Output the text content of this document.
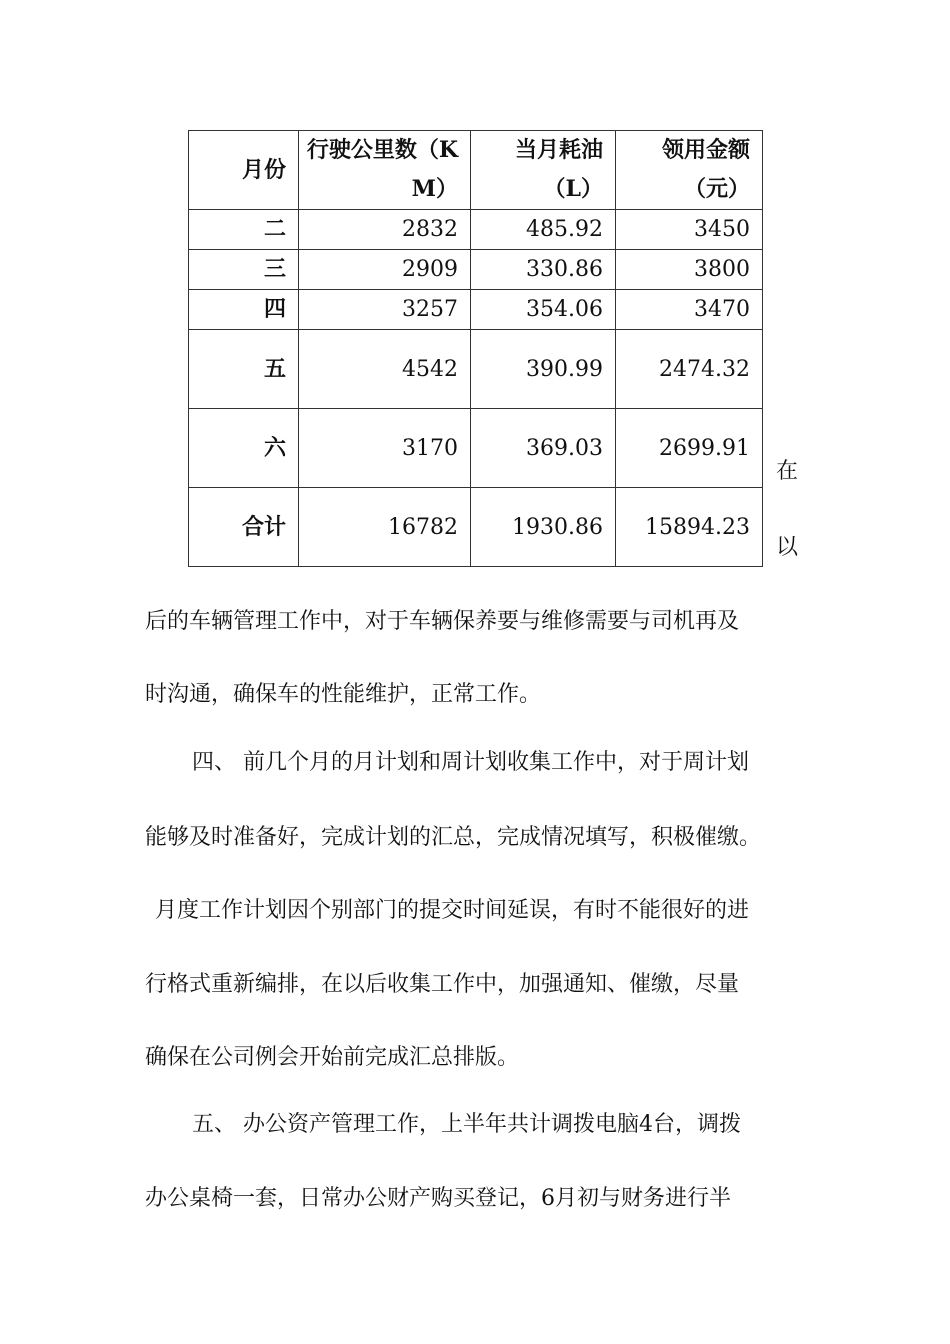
月份	行驶公里数（KM）	当月耗油（L）	领用金额（元）
二	2832	485.92	3450
三	2909	330.86	3800
四	3257	354.06	3470
五	4542	390.99	2474.32
六	3170	369.03	2699.91
合计	16782	1930.86	15894.23
在
以
后的车辆管理工作中，对于车辆保养要与维修需要与司机再及
时沟通，确保车的性能维护，正常工作。
四、 前几个月的月计划和周计划收集工作中，对于周计划
能够及时准备好，完成计划的汇总，完成情况填写，积极催缴。
月度工作计划因个别部门的提交时间延误，有时不能很好的进
行格式重新编排，在以后收集工作中，加强通知、催缴，尽量
确保在公司例会开始前完成汇总排版。
五、 办公资产管理工作，上半年共计调拨电脑4台，调拨
办公桌椅一套，日常办公财产购买登记，6月初与财务进行半
